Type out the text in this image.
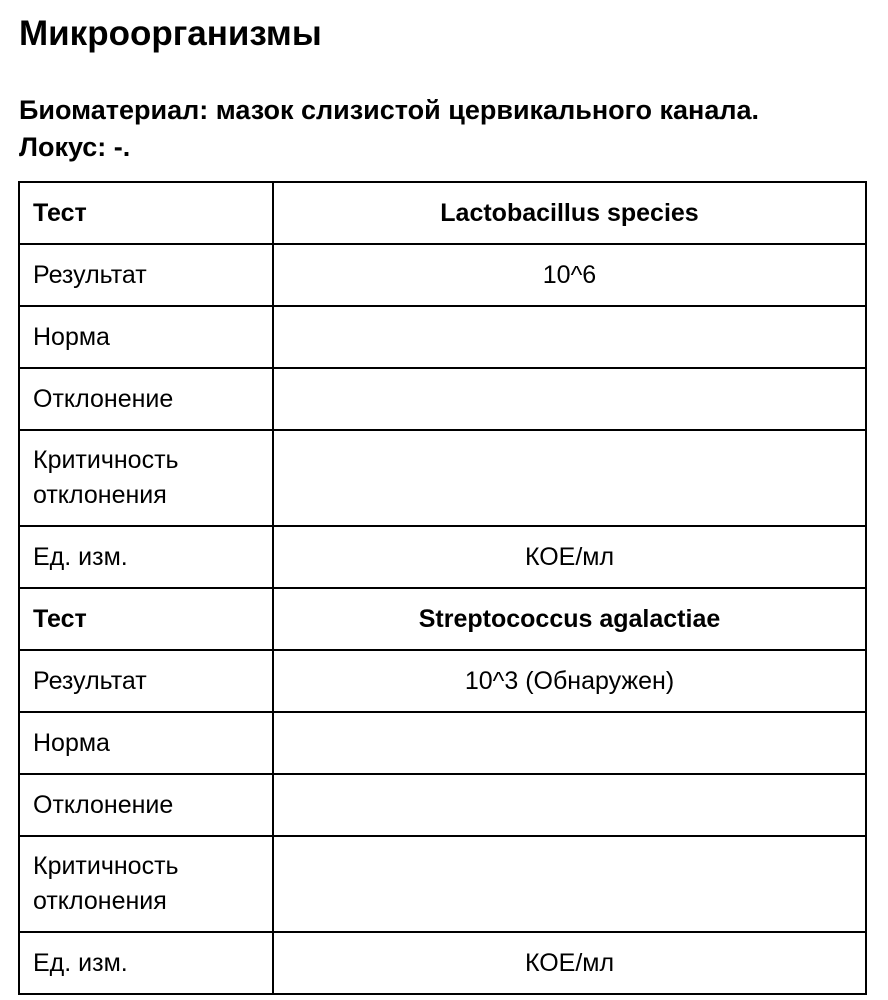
Микроорганизмы

Биоматериал: мазок слизистой цервикального канала. Локус: -.

Тест	Lactobacillus species
Результат	10^6
Норма	
Отклонение	
Критичность отклонения	
Ед. изм.	КОЕ/мл
Тест	Streptococcus agalactiae
Результат	10^3 (Обнаружен)
Норма	
Отклонение	
Критичность отклонения	
Ед. изм.	КОЕ/мл
